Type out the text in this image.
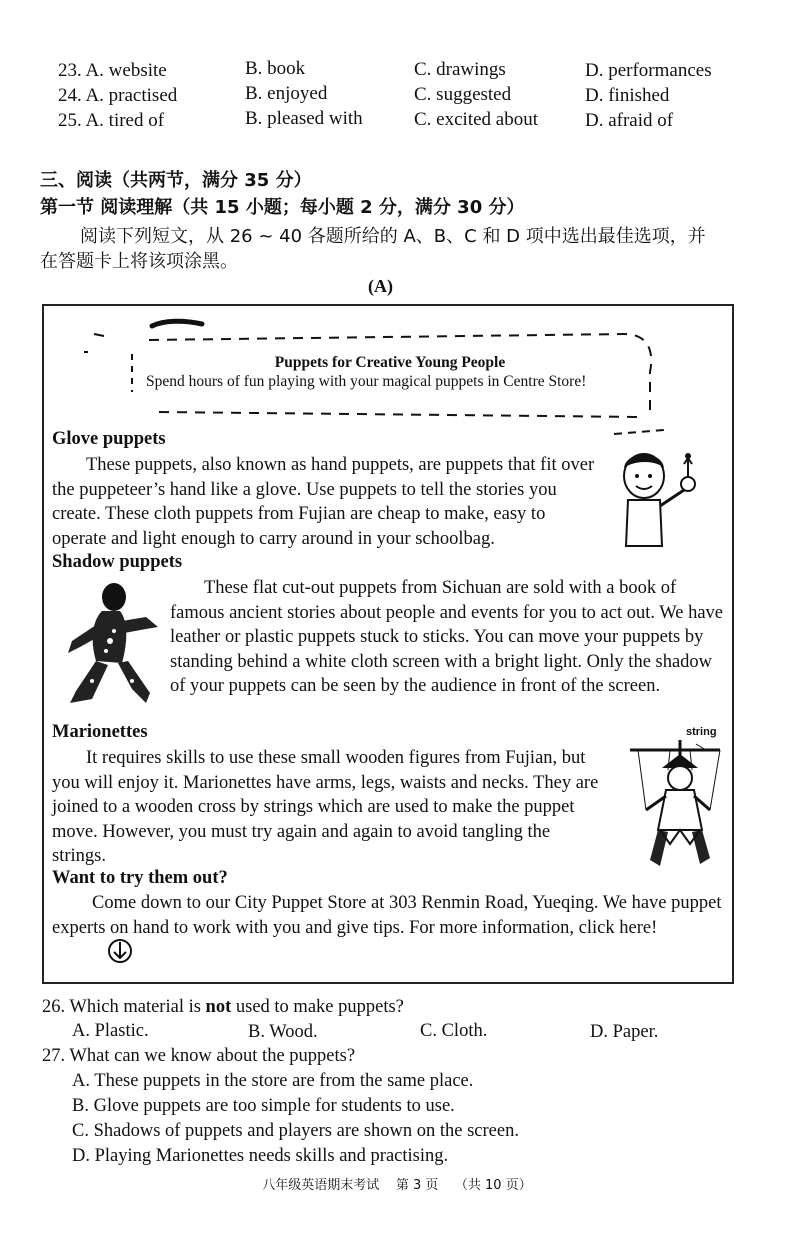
23. A. website	B. book	C. drawings	D. performances
24. A. practised	B. enjoyed	C. suggested	D. finished
25. A. tired of	B. pleased with	C. excited about D. afraid of
三、阅读（共两节，满分 35 分）
第一节 阅读理解（共 15 小题；每小题 2 分，满分 30 分）
阅读下列短文，从 26 ~ 40 各题所给的 A、B、C 和 D 项中选出最佳选项，并
在答题卡上将该项涂黑。
(A)
Puppets for Creative Young People
Spend hours of fun playing with your magical puppets in Centre Store!
Glove puppets
These puppets, also known as hand puppets, are puppets that fit over the puppeteer’s hand like a glove. Use puppets to tell the stories you create. These cloth puppets from Fujian are cheap to make, easy to operate and light enough to carry around in your schoolbag.
Shadow puppets
These flat cut-out puppets from Sichuan are sold with a book of famous ancient stories about people and events for you to act out. We have leather or plastic puppets stuck to sticks. You can move your puppets by standing behind a white cloth screen with a bright light. Only the shadow of your puppets can be seen by the audience in front of the screen.
Marionettes
It requires skills to use these small wooden figures from Fujian, but you will enjoy it. Marionettes have arms, legs, waists and necks. They are joined to a wooden cross by strings which are used to make the puppet move. However, you must try again and again to avoid tangling the strings.
string
Want to try them out?
Come down to our City Puppet Store at 303 Renmin Road, Yueqing. We have puppet experts on hand to work with you and give tips. For more information, click here!
26. Which material is not used to make puppets?
A. Plastic.	B. Wood.	C. Cloth.	D. Paper.
27. What can we know about the puppets?
A. These puppets in the store are from the same place.
B. Glove puppets are too simple for students to use.
C. Shadows of puppets and players are shown on the screen.
D. Playing Marionettes needs skills and practising.
八年级英语期末考试    第 3 页    （共 10 页）
